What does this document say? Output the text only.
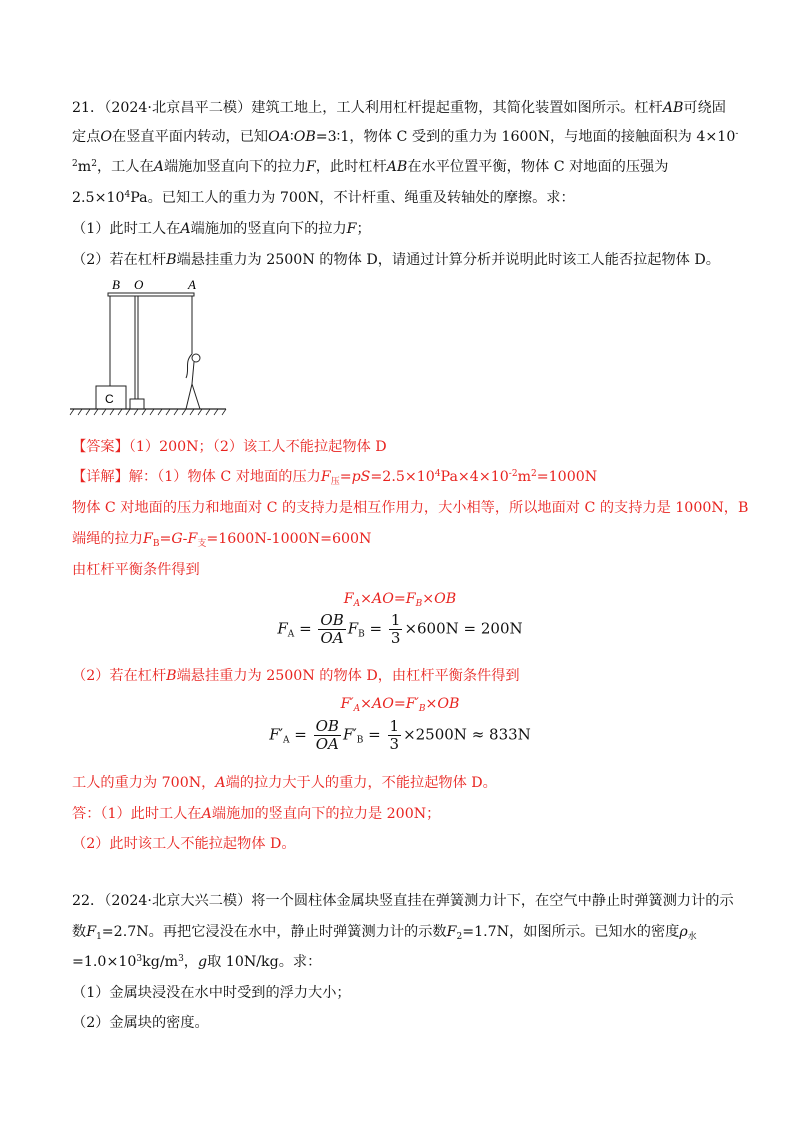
21．（2024·北京昌平二模）建筑工地上，工人利用杠杆提起重物，其简化装置如图所示。杠杆AB可绕固
定点O在竖直平面内转动，已知OA∶OB=3∶1，物体 C 受到的重力为 1600N，与地面的接触面积为 4×10-
$^2m^2$，工人在A端施加竖直向下的拉力F，此时杠杆AB在水平位置平衡，物体 C 对地面的压强为
$2.5\times 10^4Pa$。已知工人的重力为 700N，不计杆重、绳重及转轴处的摩擦。求：
（1）此时工人在A端施加的竖直向下的拉力F；
（2）若在杠杆B端悬挂重力为 2500N 的物体 D，请通过计算分析并说明此时该工人能否拉起物体 D。
B O	A
C
【答案】（1）200N；（2）该工人不能拉起物体 D
【详解】解：（1）物体 C 对地面的压力$F_压=pS=2.5\times 10^4Pa\times 4\times 10^{-2}m^2=1000N$
物体 C 对地面的压力和地面对 C 的支持力是相互作用力，大小相等，所以地面对 C 的支持力是 1000N，B
端绳的拉力$F_B=G-F_支=1600N-1000N=600N$
由杠杆平衡条件得到
$F_A\times AO=F_B\times OB$
$F_A = \frac{OB}{OA} F_B = \frac{1}{3} \times 600N = 200N$
（2）若在杠杆B端悬挂重力为 2500N 的物体 D，由杠杆平衡条件得到
$F'_A\times AO=F'_B\times OB$
$F'_A = \frac{OB}{OA} F'_B = \frac{1}{3} \times 2500N \approx 833N$
工人的重力为 700N，A端的拉力大于人的重力，不能拉起物体 D。
答：（1）此时工人在A端施加的竖直向下的拉力是 200N；
（2）此时该工人不能拉起物体 D。
22．（2024·北京大兴二模）将一个圆柱体金属块竖直挂在弹簧测力计下，在空气中静止时弹簧测力计的示
数$F_1=2.7N$。再把它浸没在水中，静止时弹簧测力计的示数$F_2=1.7N$，如图所示。已知水的密度$\rho_水$
$=1.0\times 10^3kg/m^3$，g取 10N/kg。求：
（1）金属块浸没在水中时受到的浮力大小；
（2）金属块的密度。
